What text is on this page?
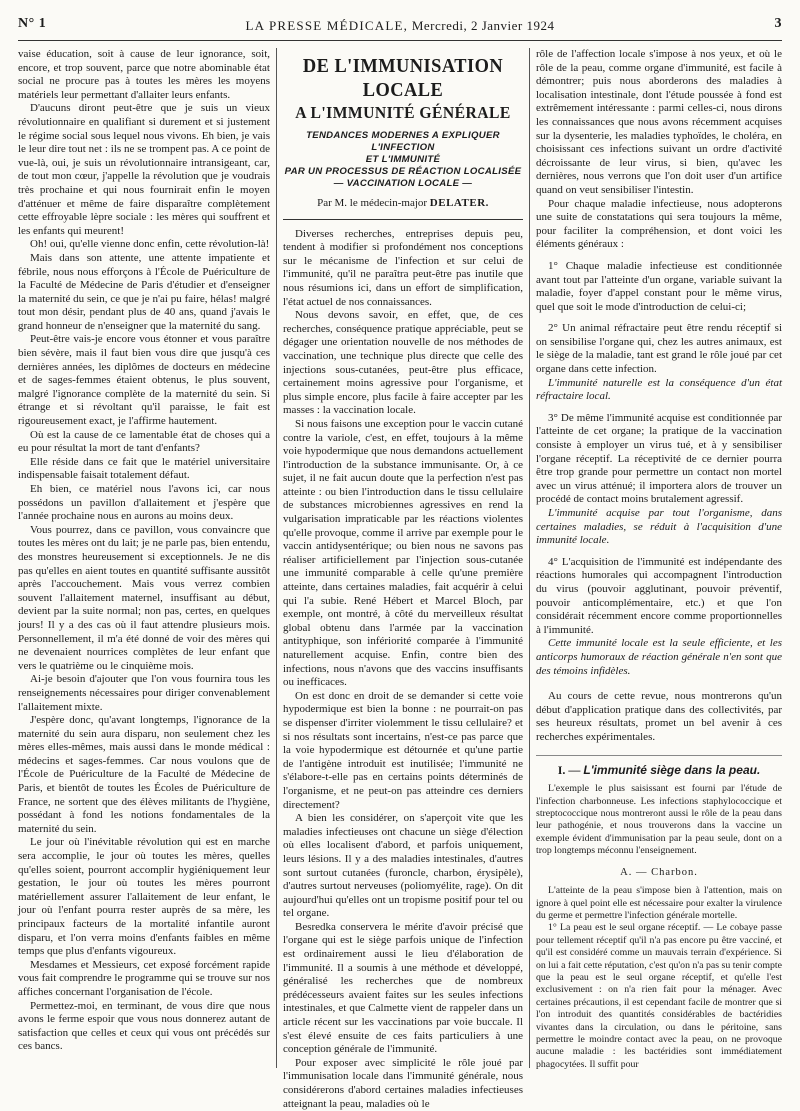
N° 1	LA PRESSE MÉDICALE, Mercredi, 2 Janvier 1924	3

vaise éducation, soit à cause de leur ignorance, soit, encore, et trop souvent, parce que notre abominable état social ne procure pas à toutes les mères les moyens matériels leur permettant d'allaiter leurs enfants.

D'aucuns diront peut-être que je suis un vieux révolutionnaire en qualifiant si durement et si justement le régime social sous lequel nous vivons. Eh bien, je vais le leur dire tout net : ils ne se trompent pas. A ce point de vue-là, oui, je suis un révolutionnaire intransigeant, car, de tout mon cœur, j'appelle la révolution que je voudrais très prochaine et qui nous fournirait enfin le moyen d'atténuer et même de faire disparaître complètement cette effroyable lèpre sociale : les mères qui souffrent et les enfants qui meurent!

Oh! oui, qu'elle vienne donc enfin, cette révolution-là!

Mais dans son attente, une attente impatiente et fébrile, nous nous efforçons à l'École de Puériculture de la Faculté de Médecine de Paris d'étudier et d'enseigner la maternité du sein, ce que je n'ai pu faire, hélas! malgré tout mon désir, pendant plus de 40 ans, quand j'avais le grand honneur de n'enseigner que la maternité du sang.

Peut-être vais-je encore vous étonner et vous paraître bien sévère, mais il faut bien vous dire que jusqu'à ces dernières années, les diplômes de docteurs en médecine et de sages-femmes étaient obtenus, le plus souvent, malgré l'ignorance complète de la maternité du sein. Si étrange et si révoltant qu'il paraisse, le fait est rigoureusement exact, je l'affirme hautement.

Où est la cause de ce lamentable état de choses qui a eu pour résultat la mort de tant d'enfants?

Elle réside dans ce fait que le matériel universitaire indispensable faisait totalement défaut.

Eh bien, ce matériel nous l'avons ici, car nous possédons un pavillon d'allaitement et j'espère que l'année prochaine nous en aurons au moins deux.

Vous pourrez, dans ce pavillon, vous convaincre que toutes les mères ont du lait; je ne parle pas, bien entendu, des monstres heureusement si exceptionnels. Je ne dis pas qu'elles en aient toutes en quantité suffisante aussitôt après l'accouchement. Mais vous verrez combien souvent l'allaitement maternel, insuffisant au début, devient par la suite normal; non pas, certes, en quelques jours! Il y a des cas où il faut attendre plusieurs mois. Personnellement, il m'a été donné de voir des mères qui ne devenaient nourrices complètes de leur enfant que vers le quatrième ou le cinquième mois.

Ai-je besoin d'ajouter que l'on vous fournira tous les renseignements nécessaires pour diriger convenablement l'allaitement mixte.

J'espère donc, qu'avant longtemps, l'ignorance de la maternité du sein aura disparu, non seulement chez les mères elles-mêmes, mais aussi dans le monde médical : médecins et sages-femmes. Car nous voulons que de l'École de Puériculture de la Faculté de Médecine de Paris, et bientôt de toutes les Écoles de Puériculture de France, ne sortent que des élèves militants de l'hygiène, possédant à fond les notions fondamentales de la maternité du sein.

Le jour où l'inévitable révolution qui est en marche sera accomplie, le jour où toutes les mères, quelles qu'elles soient, pourront accomplir hygiéniquement leur gestation, le jour où toutes les mères pourront matériellement assurer l'allaitement de leur enfant, le jour où l'enfant pourra rester auprès de sa mère, les principaux facteurs de la mortalité infantile auront disparu, et l'on verra moins d'enfants faibles en même temps que plus d'enfants vigoureux.

Mesdames et Messieurs, cet exposé forcément rapide vous fait comprendre le programme qui se trouve sur nos affiches concernant l'organisation de l'école.

Permettez-moi, en terminant, de vous dire que nous avons le ferme espoir que vous nous donnerez autant de satisfaction que celles et ceux qui vous ont précédés sur ces bancs.

DE L'IMMUNISATION LOCALE
A L'IMMUNITÉ GÉNÉRALE
TENDANCES MODERNES A EXPLIQUER L'INFECTION
ET L'IMMUNITÉ
PAR UN PROCESSUS DE RÉACTION LOCALISÉE
— VACCINATION LOCALE —
Par M. le médecin-major DELATER.

Diverses recherches, entreprises depuis peu, tendent à modifier si profondément nos conceptions sur le mécanisme de l'infection et sur celui de l'immunité, qu'il ne paraîtra peut-être pas inutile que nous résumions ici, dans un effort de simplification, l'état actuel de nos connaissances.

Nous devons savoir, en effet, que, de ces recherches, conséquence pratique appréciable, peut se dégager une orientation nouvelle de nos méthodes de vaccination, une technique plus directe que celle des injections sous-cutanées, peut-être plus efficace, certainement moins agressive pour l'organisme, et plus simple encore, plus facile à faire accepter par les masses : la vaccination locale.

Si nous faisons une exception pour le vaccin cutané contre la variole, c'est, en effet, toujours à la même voie hypodermique que nous demandons actuellement l'introduction de la substance immunisante. Or, à ce sujet, il ne fait aucun doute que la perfection n'est pas atteinte : ou bien l'introduction dans le tissu cellulaire de substances microbiennes agressives en rend la vulgarisation impraticable par les réactions violentes qu'elle provoque, comme il arrive par exemple pour le vaccin antidysentérique; ou bien nous ne savons pas réaliser artificiellement par l'injection sous-cutanée une immunité comparable à celle qu'une première atteinte, dans certaines maladies, fait acquérir à celui qui l'a subie. René Hébert et Marcel Bloch, par exemple, ont montré, à côté du merveilleux résultat global obtenu dans l'armée par la vaccination antityphique, son infériorité comparée à l'immunité naturellement acquise. Enfin, contre bien des infections, nous n'avons que des vaccins insuffisants ou inefficaces.

On est donc en droit de se demander si cette voie hypodermique est bien la bonne : ne pourrait-on pas se dispenser d'irriter violemment le tissu cellulaire? et si nos résultats sont incertains, n'est-ce pas parce que la voie hypodermique est détournée et qu'une partie de l'antigène introduit est inutilisée; l'immunité ne s'élabore-t-elle pas en certains points déterminés de l'organisme, et ne peut-on pas atteindre ces derniers directement?

A bien les considérer, on s'aperçoit vite que les maladies infectieuses ont chacune un siège d'élection où elles localisent d'abord, et parfois uniquement, leurs lésions. Il y a des maladies intestinales, d'autres sont surtout cutanées (furoncle, charbon, érysipèle), d'autres surtout nerveuses (poliomyélite, rage). On dit aujourd'hui qu'elles ont un tropisme positif pour tel ou tel organe.

Besredka conservera le mérite d'avoir précisé que l'organe qui est le siège parfois unique de l'infection est ordinairement aussi le lieu d'élaboration de l'immunité. Il a soumis à une méthode et développé, généralisé les recherches que de nombreux prédécesseurs avaient faites sur les seules infections intestinales, et que Calmette vient de rappeler dans un article récent sur les vaccinations par voie buccale. Il s'est élevé ensuite de ces faits particuliers à une conception générale de l'immunité.

Pour exposer avec simplicité le rôle joué par l'immunisation locale dans l'immunité générale, nous considérerons d'abord certaines maladies infectieuses atteignant la peau, maladies où le

rôle de l'affection locale s'impose à nos yeux, et où le rôle de la peau, comme organe d'immunité, est facile à démontrer; puis nous aborderons des maladies à localisation intestinale, dont l'étude poussée à fond est extrêmement intéressante : parmi celles-ci, nous dirons les connaissances que nous avons récemment acquises sur la dysenterie, les maladies typhoïdes, le choléra, en choisissant ces infections suivant un ordre d'activité décroissante de leur virus, si bien, qu'avec les dernières, nous verrons que l'on doit user d'un artifice quand on veut sensibiliser l'intestin.

Pour chaque maladie infectieuse, nous adopterons une suite de constatations qui sera toujours la même, pour faciliter la compréhension, et dont voici les éléments généraux :

1° Chaque maladie infectieuse est conditionnée avant tout par l'atteinte d'un organe, variable suivant la maladie, foyer d'appel constant pour le même virus, quel que soit le mode d'introduction de celui-ci;

2° Un animal réfractaire peut être rendu réceptif si on sensibilise l'organe qui, chez les autres animaux, est le siège de la maladie, tant est grand le rôle joué par cet organe dans cette infection.

L'immunité naturelle est la conséquence d'un état réfractaire local.

3° De même l'immunité acquise est conditionnée par l'atteinte de cet organe; la pratique de la vaccination consiste à employer un virus tué, et à y sensibiliser l'organe réceptif. La réceptivité de ce dernier pourra être trop grande pour permettre un contact non mortel avec un virus atténué; il importera alors de trouver un procédé de contact moins brutalement agressif.

L'immunité acquise par tout l'organisme, dans certaines maladies, se réduit à l'acquisition d'une immunité locale.

4° L'acquisition de l'immunité est indépendante des réactions humorales qui accompagnent l'introduction du virus (pouvoir agglutinant, pouvoir préventif, pouvoir anticomplémentaire, etc.) et que l'on considérait récemment encore comme proportionnelles à l'immunité.

Cette immunité locale est la seule efficiente, et les anticorps humoraux de réaction générale n'en sont que des témoins infidèles.

Au cours de cette revue, nous montrerons qu'un début d'application pratique dans des collectivités, par ses heureux résultats, promet un bel avenir à ces recherches expérimentales.

I. — L'immunité siège dans la peau.

L'exemple le plus saisissant est fourni par l'étude de l'infection charbonneuse. Les infections staphylococcique et streptococcique nous montreront aussi le rôle de la peau dans leur pathogénie, et nous trouverons dans la vaccine un exemple évident d'immunisation par la peau seule, dont on a trop longtemps méconnu l'enseignement.

A. — Charbon.

L'atteinte de la peau s'impose bien à l'attention, mais on ignore à quel point elle est nécessaire pour exalter la virulence du germe et permettre l'infection générale mortelle.

1° La peau est le seul organe réceptif. — Le cobaye passe pour tellement réceptif qu'il n'a pas encore pu être vacciné, et qu'il est considéré comme un mauvais terrain d'expérience. Si on lui a fait cette réputation, c'est qu'on n'a pas su tenir compte que la peau est le seul organe réceptif, et qu'elle l'est exclusivement : on n'a rien fait pour la ménager. Avec certaines précautions, il est cependant facile de montrer que si l'on introduit des quantités considérables de bactéridies vivantes dans la circulation, ou dans le péritoine, sans permettre le moindre contact avec la peau, on ne provoque aucune maladie : les bactéridies sont immédiatement phagocytées. Il suffit pour
